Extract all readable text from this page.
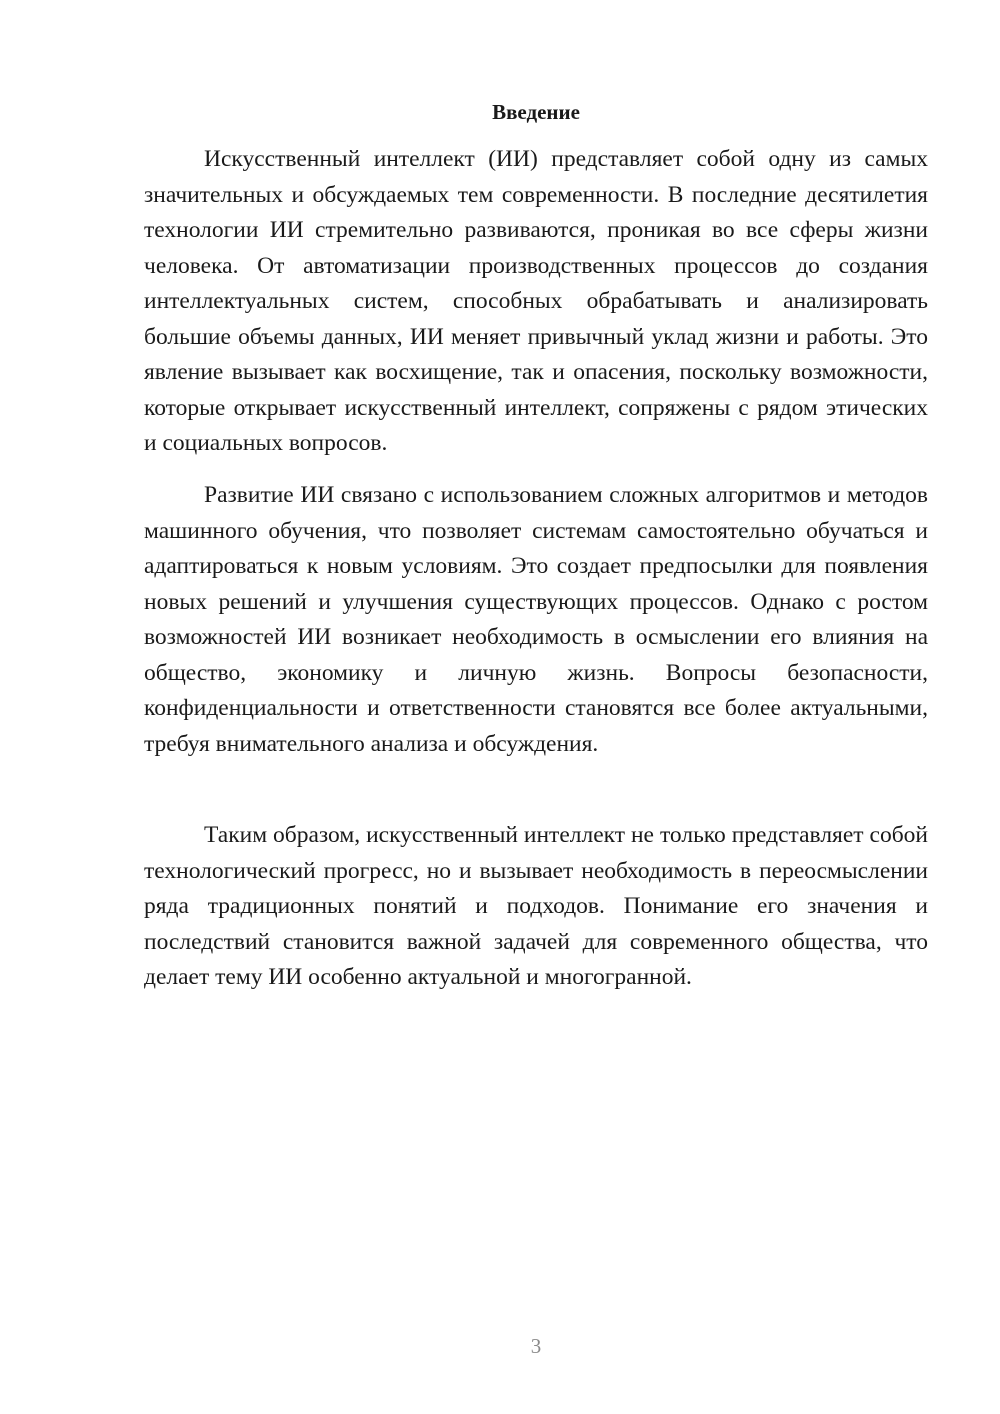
Введение

Искусственный интеллект (ИИ) представляет собой одну из самых значительных и обсуждаемых тем современности. В последние десятилетия технологии ИИ стремительно развиваются, проникая во все сферы жизни человека. От автоматизации производственных процессов до создания интеллектуальных систем, способных обрабатывать и анализировать большие объемы данных, ИИ меняет привычный уклад жизни и работы. Это явление вызывает как восхищение, так и опасения, поскольку возможности, которые открывает искусственный интеллект, сопряжены с рядом этических и социальных вопросов.

Развитие ИИ связано с использованием сложных алгоритмов и методов машинного обучения, что позволяет системам самостоятельно обучаться и адаптироваться к новым условиям. Это создает предпосылки для появления новых решений и улучшения существующих процессов. Однако с ростом возможностей ИИ возникает необходимость в осмыслении его влияния на общество, экономику и личную жизнь. Вопросы безопасности, конфиденциальности и ответственности становятся все более актуальными, требуя внимательного анализа и обсуждения.

Таким образом, искусственный интеллект не только представляет собой технологический прогресс, но и вызывает необходимость в переосмыслении ряда традиционных понятий и подходов. Понимание его значения и последствий становится важной задачей для современного общества, что делает тему ИИ особенно актуальной и многогранной.

3
